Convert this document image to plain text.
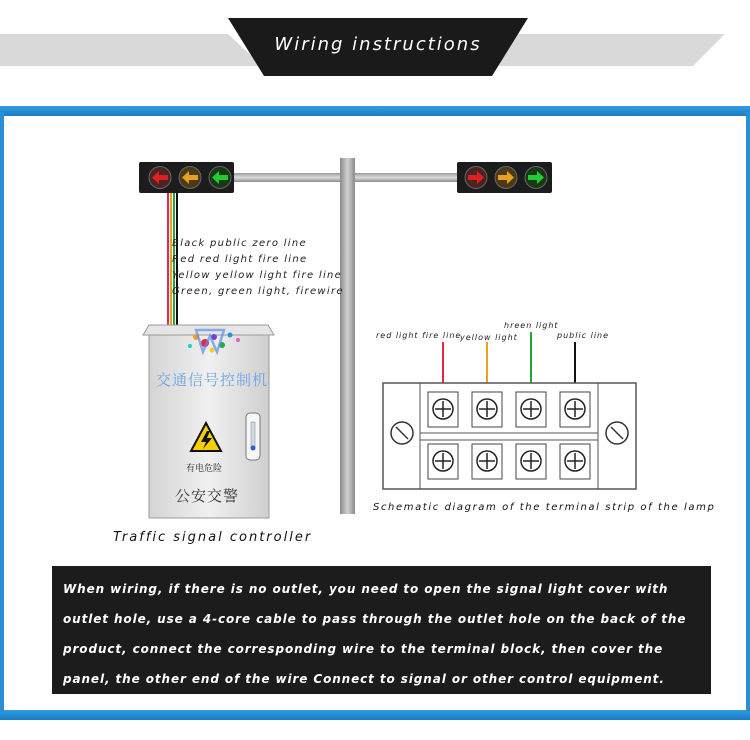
Wiring instructions
Black public zero line
Red red light fire line
Yellow yellow light fire line
Green, green light, firewire
red light fire line
yellow light
hreen light
public line
交通信号控制机
有电危险
公安交警
Traffic signal controller
Schematic diagram of the terminal strip of the lamp
When wiring, if there is no outlet, you need to open the signal light cover with outlet hole, use a 4-core cable to pass through the outlet hole on the back of the product, connect the corresponding wire to the terminal block, then cover the panel, the other end of the wire Connect to signal or other control equipment.
